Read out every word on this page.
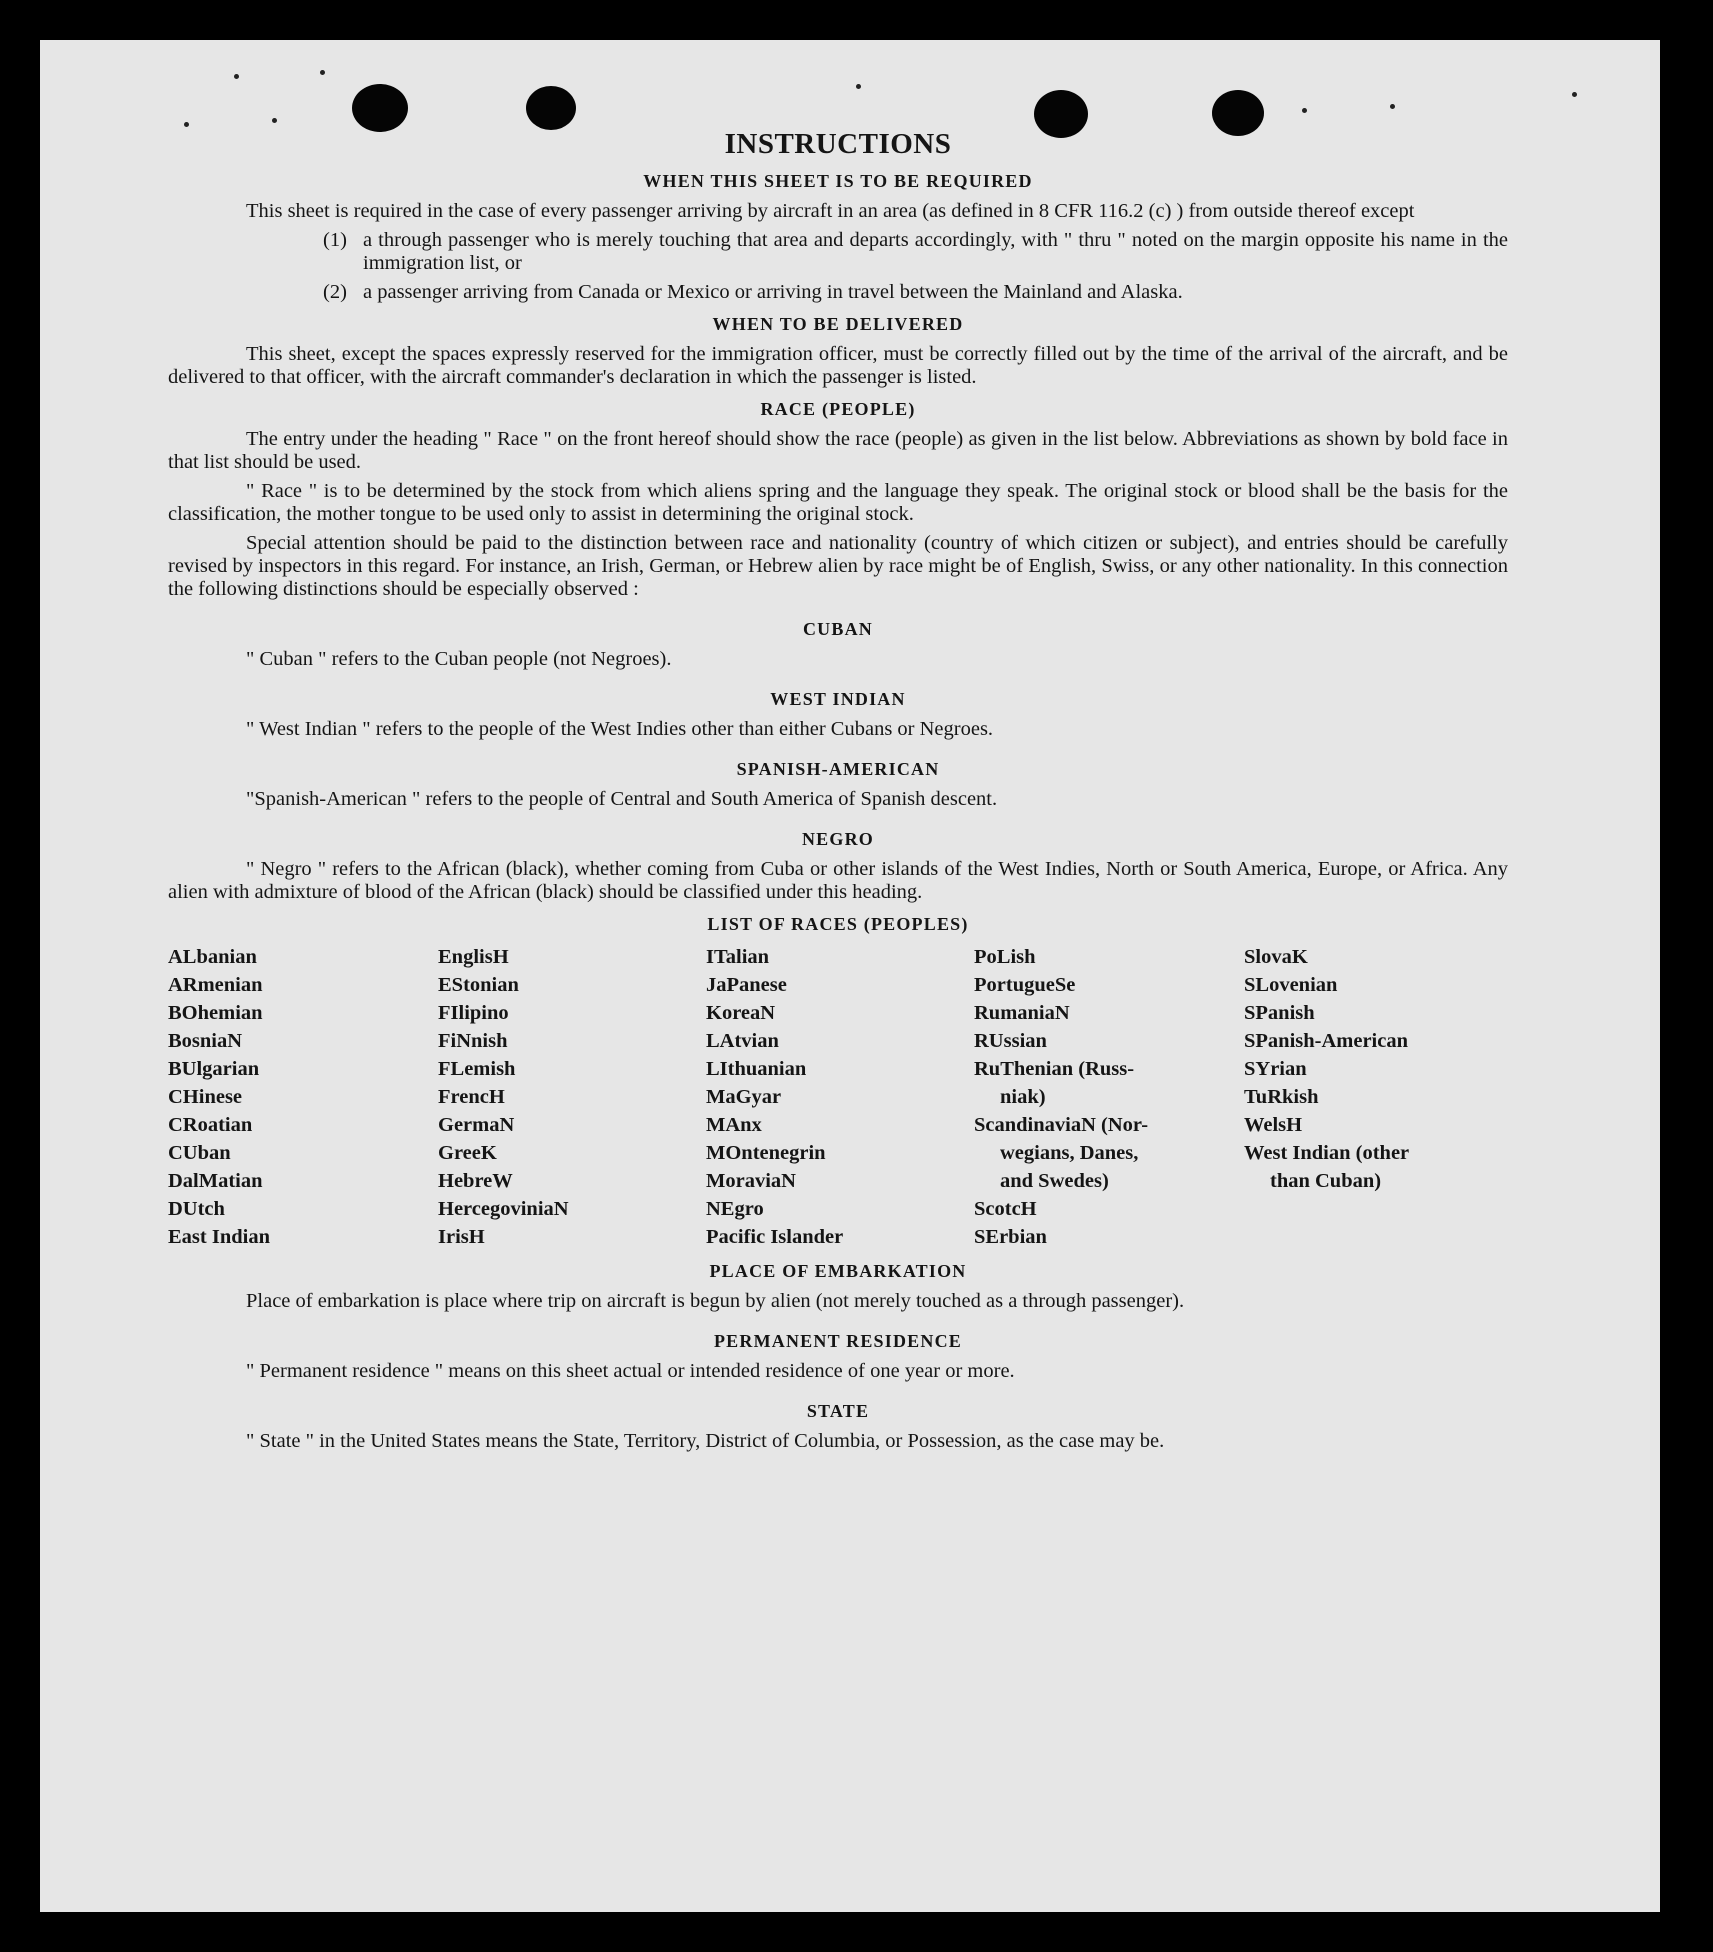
INSTRUCTIONS
WHEN THIS SHEET IS TO BE REQUIRED

This sheet is required in the case of every passenger arriving by aircraft in an area (as defined in 8 CFR 116.2 (c) ) from outside thereof except

(1) a through passenger who is merely touching that area and departs accordingly, with " thru " noted on the margin opposite his name in the immigration list, or
(2) a passenger arriving from Canada or Mexico or arriving in travel between the Mainland and Alaska.
WHEN TO BE DELIVERED

This sheet, except the spaces expressly reserved for the immigration officer, must be correctly filled out by the time of the arrival of the aircraft, and be delivered to that officer, with the aircraft commander's declaration in which the passenger is listed.

RACE (PEOPLE)

The entry under the heading " Race " on the front hereof should show the race (people) as given in the list below. Abbreviations as shown by bold face in that list should be used.

" Race " is to be determined by the stock from which aliens spring and the language they speak. The original stock or blood shall be the basis for the classification, the mother tongue to be used only to assist in determining the original stock.

Special attention should be paid to the distinction between race and nationality (country of which citizen or subject), and entries should be carefully revised by inspectors in this regard. For instance, an Irish, German, or Hebrew alien by race might be of English, Swiss, or any other nationality. In this connection the following distinctions should be especially observed :

CUBAN

" Cuban " refers to the Cuban people (not Negroes).

WEST INDIAN

" West Indian " refers to the people of the West Indies other than either Cubans or Negroes.

SPANISH-AMERICAN

"Spanish-American " refers to the people of Central and South America of Spanish descent.

NEGRO

" Negro " refers to the African (black), whether coming from Cuba or other islands of the West Indies, North or South America, Europe, or Africa. Any alien with admixture of blood of the African (black) should be classified under this heading.

LIST OF RACES (PEOPLES)
ALbanian	EnglisH	ITalian	PoLish	SlovaK
ARmenian	EStonian	JaPanese	PortugueSe	SLovenian
BOhemian	FIlipino	KoreaN	RumaniaN	SPanish
BosniaN	FiNnish	LAtvian	RUssian	SPanish-American
BUlgarian	FLemish	LIthuanian	RuThenian (Russ-	SYrian
CHinese	FrencH	MaGyar	niak)	TuRkish
CRoatian	GermaN	MAnx	ScandinaviaN (Nor-	WelsH
CUban	GreeK	MOntenegrin	wegians, Danes,	West Indian (other
DalMatian	HebreW	MoraviaN	and Swedes)	than Cuban)
DUtch	HercegoviniaN	NEgro	ScotcH
East Indian	IrisH	Pacific Islander	SErbian
PLACE OF EMBARKATION

Place of embarkation is place where trip on aircraft is begun by alien (not merely touched as a through passenger).

PERMANENT RESIDENCE

" Permanent residence " means on this sheet actual or intended residence of one year or more.

STATE

" State " in the United States means the State, Territory, District of Columbia, or Possession, as the case may be.
